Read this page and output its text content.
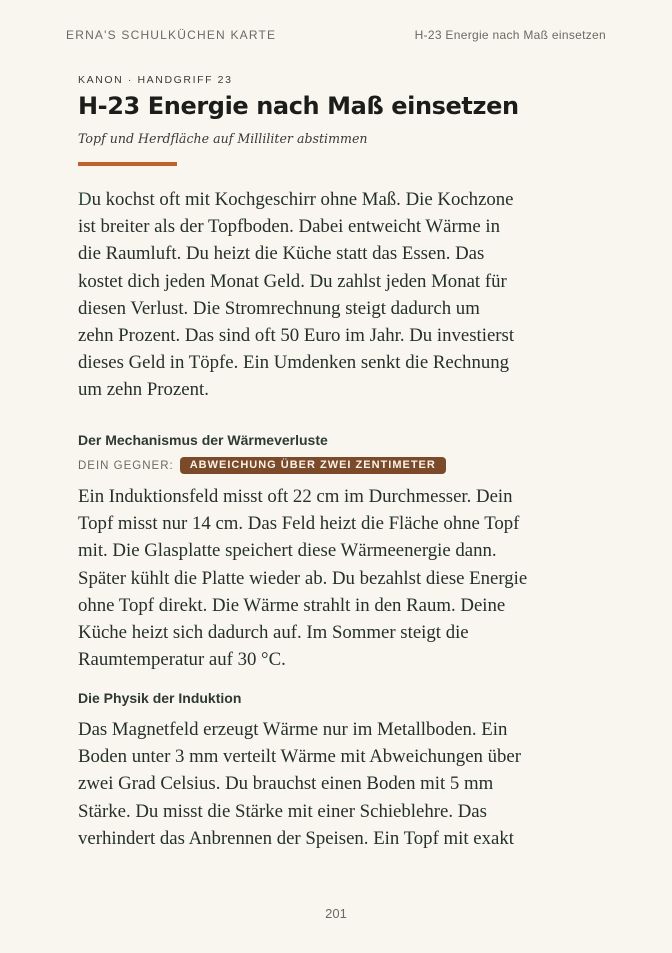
ERNA'S SCHULKÜCHEN KARTE	H-23 Energie nach Maß einsetzen
KANON · HANDGRIFF 23
H-23 Energie nach Maß einsetzen
Topf und Herdfläche auf Milliliter abstimmen

Du kochst oft mit Kochgeschirr ohne Maß. Die Kochzone
ist breiter als der Topfboden. Dabei entweicht Wärme in
die Raumluft. Du heizt die Küche statt das Essen. Das
kostet dich jeden Monat Geld. Du zahlst jeden Monat für
diesen Verlust. Die Stromrechnung steigt dadurch um
zehn Prozent. Das sind oft 50 Euro im Jahr. Du investierst
dieses Geld in Töpfe. Ein Umdenken senkt die Rechnung
um zehn Prozent.

Der Mechanismus der Wärmeverluste
DEIN GEGNER:	ABWEICHUNG ÜBER ZWEI ZENTIMETER

Ein Induktionsfeld misst oft 22 cm im Durchmesser. Dein
Topf misst nur 14 cm. Das Feld heizt die Fläche ohne Topf
mit. Die Glasplatte speichert diese Wärmeenergie dann.
Später kühlt die Platte wieder ab. Du bezahlst diese Energie
ohne Topf direkt. Die Wärme strahlt in den Raum. Deine
Küche heizt sich dadurch auf. Im Sommer steigt die
Raumtemperatur auf 30 °C.

Die Physik der Induktion

Das Magnetfeld erzeugt Wärme nur im Metallboden. Ein
Boden unter 3 mm verteilt Wärme mit Abweichungen über
zwei Grad Celsius. Du brauchst einen Boden mit 5 mm
Stärke. Du misst die Stärke mit einer Schieblehre. Das
verhindert das Anbrennen der Speisen. Ein Topf mit exakt

201
